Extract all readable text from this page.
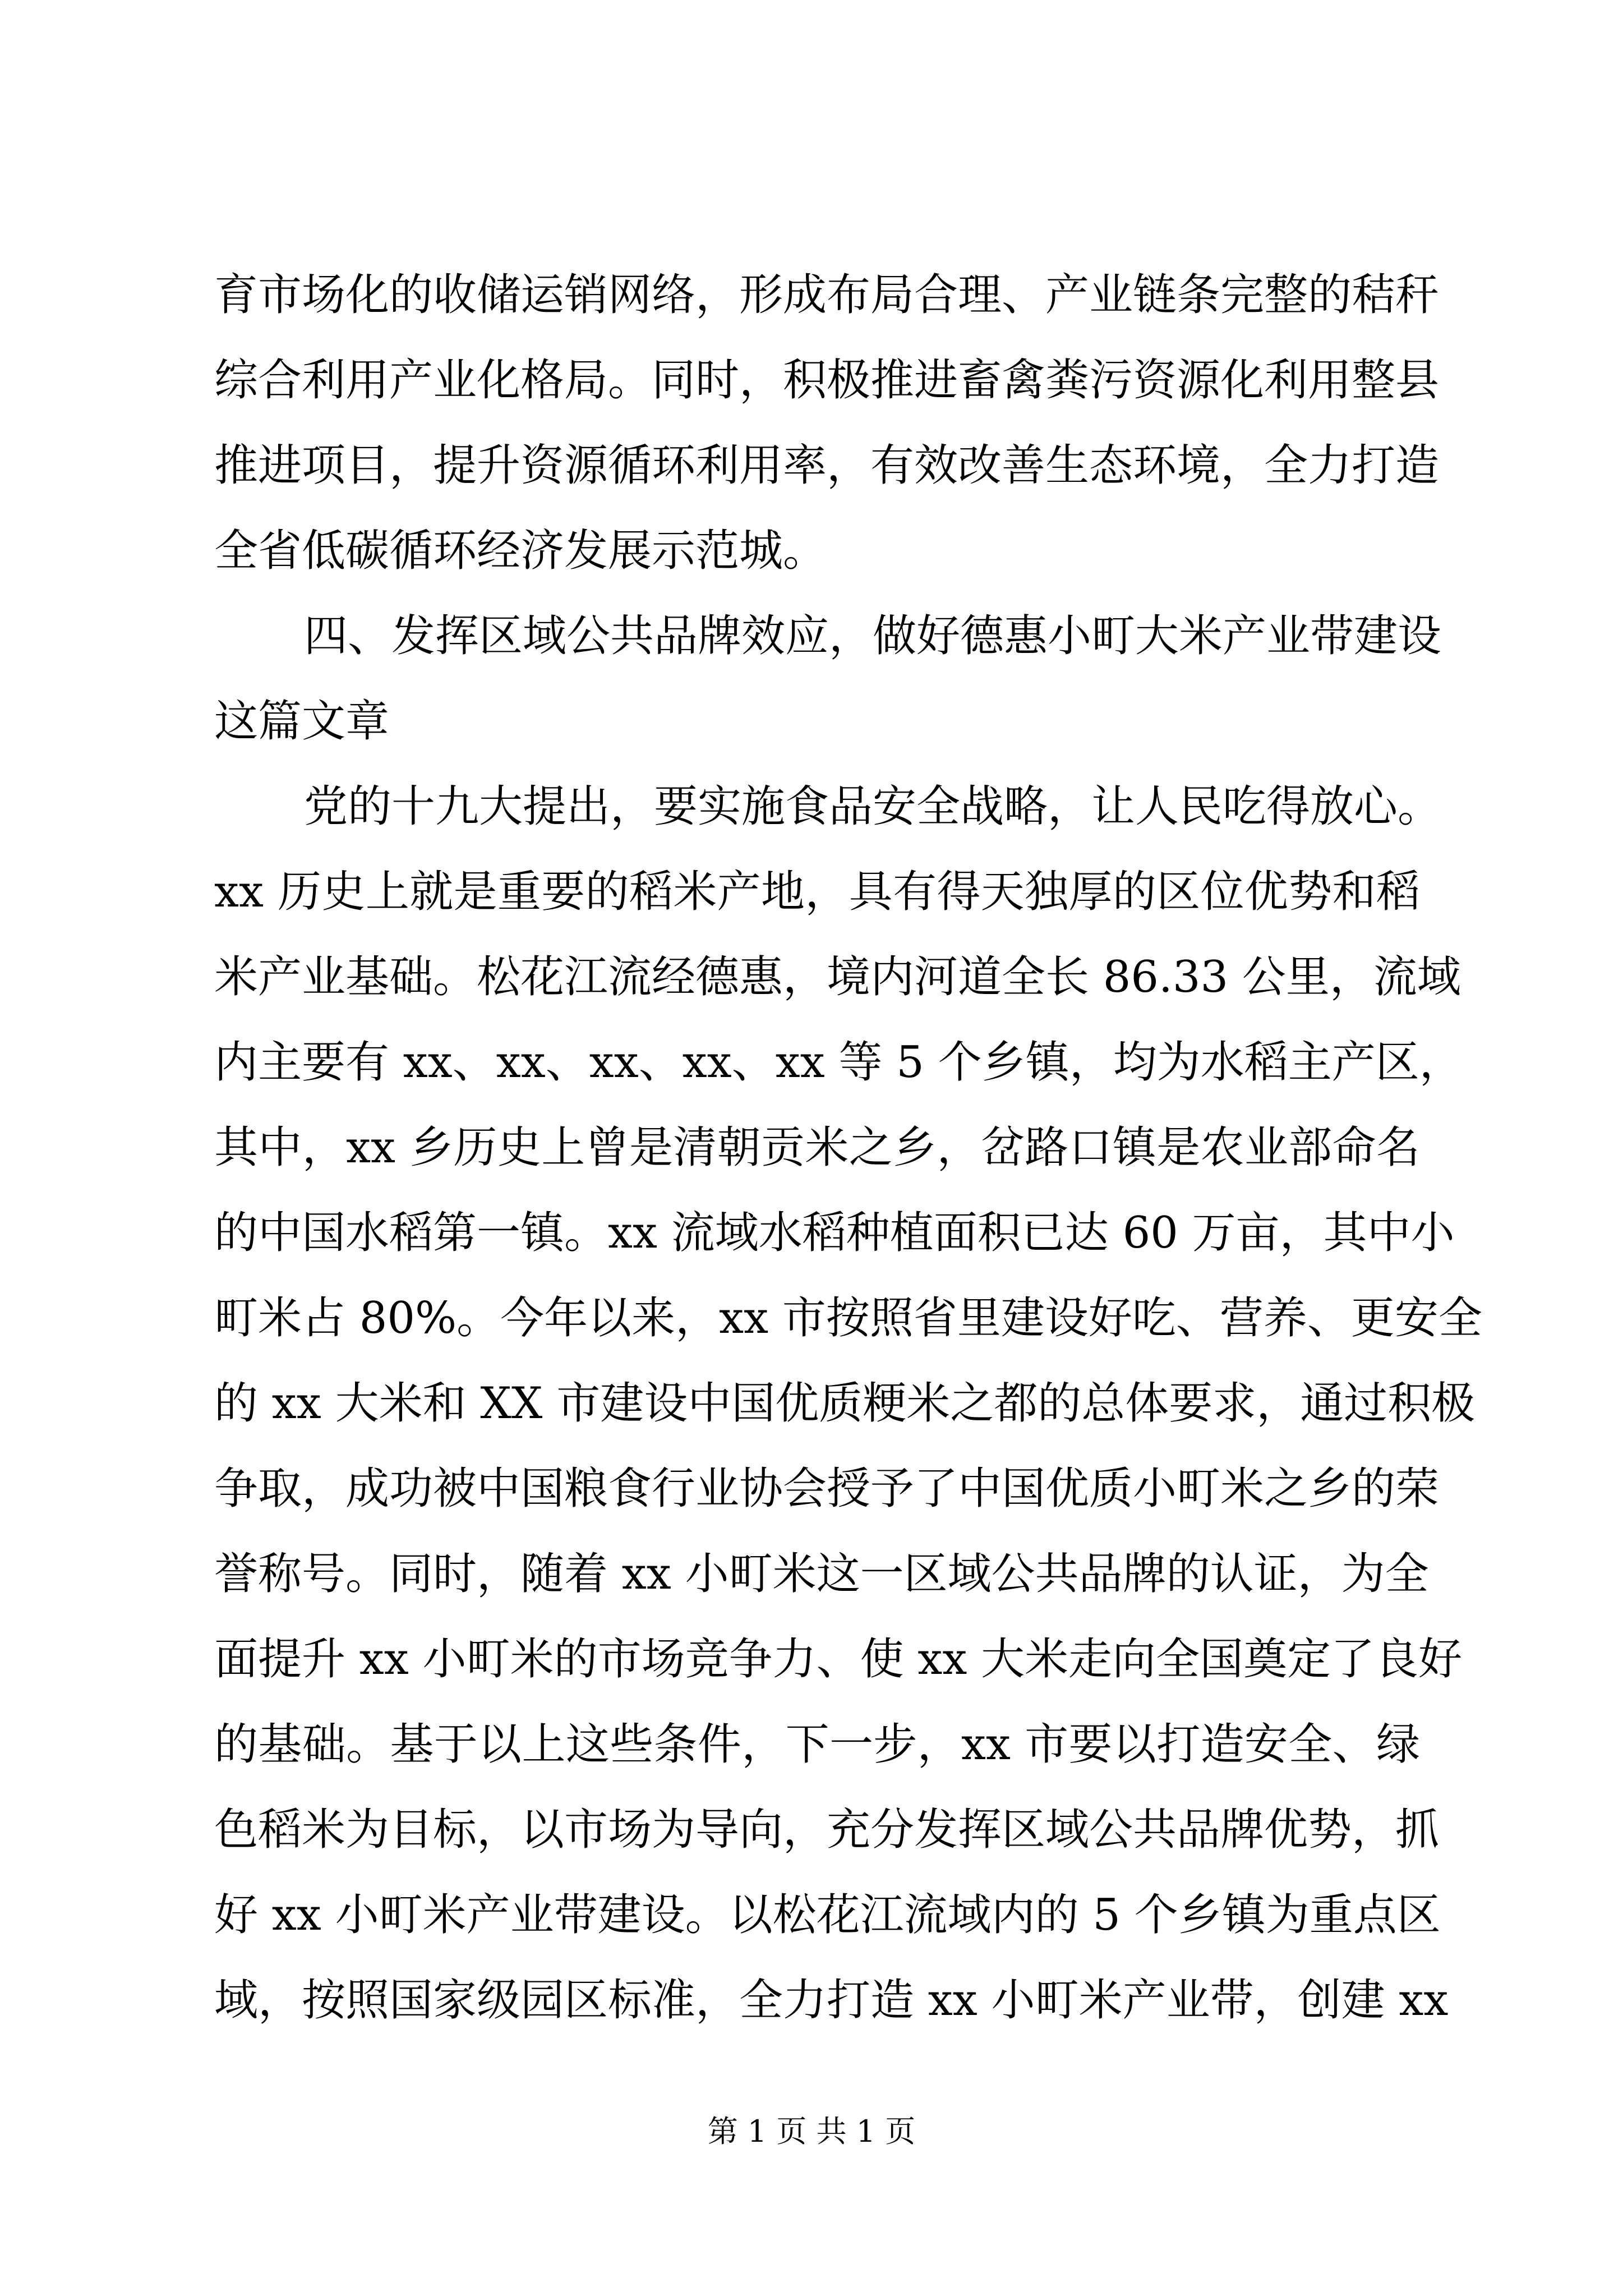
育市场化的收储运销网络，形成布局合理、产业链条完整的秸秆
综合利用产业化格局。同时，积极推进畜禽粪污资源化利用整县
推进项目，提升资源循环利用率，有效改善生态环境，全力打造
全省低碳循环经济发展示范城。
四、发挥区域公共品牌效应，做好德惠小町大米产业带建设
这篇文章
党的十九大提出，要实施食品安全战略，让人民吃得放心。
xx 历史上就是重要的稻米产地，具有得天独厚的区位优势和稻
米产业基础。松花江流经德惠，境内河道全长 86.33 公里，流域
内主要有 xx、xx、xx、xx、xx 等 5 个乡镇，均为水稻主产区，
其中，xx 乡历史上曾是清朝贡米之乡，岔路口镇是农业部命名
的中国水稻第一镇。xx 流域水稻种植面积已达 60 万亩，其中小
町米占 80%。今年以来，xx 市按照省里建设好吃、营养、更安全
的 xx 大米和 XX 市建设中国优质粳米之都的总体要求，通过积极
争取，成功被中国粮食行业协会授予了中国优质小町米之乡的荣
誉称号。同时，随着 xx 小町米这一区域公共品牌的认证，为全
面提升 xx 小町米的市场竞争力、使 xx 大米走向全国奠定了良好
的基础。基于以上这些条件，下一步，xx 市要以打造安全、绿
色稻米为目标，以市场为导向，充分发挥区域公共品牌优势，抓
好 xx 小町米产业带建设。以松花江流域内的 5 个乡镇为重点区
域，按照国家级园区标准，全力打造 xx 小町米产业带，创建 xx
第 1 页 共 1 页
